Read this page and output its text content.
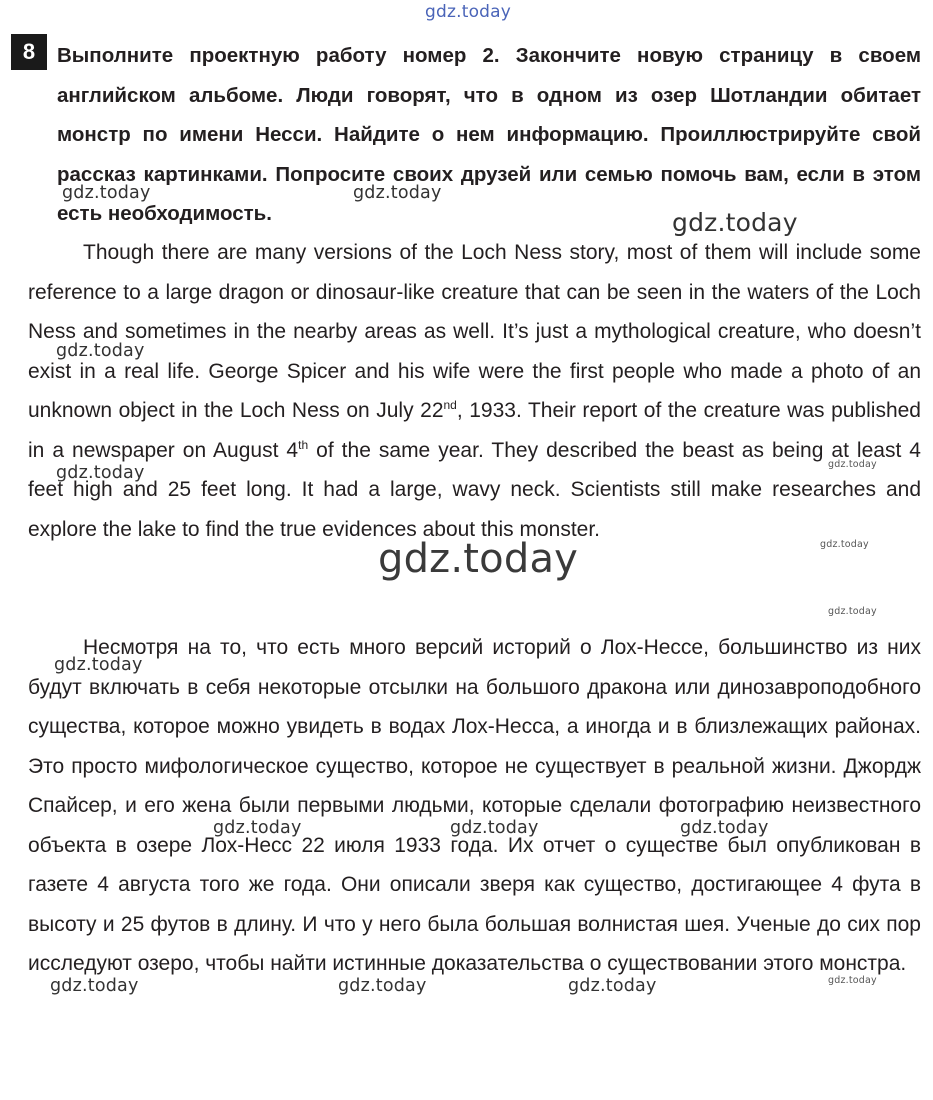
gdz.today
8	Выполните проектную работу номер 2. Закончите новую страницу в своем английском альбоме. Люди говорят, что в одном из озер Шотландии обитает монстр по имени Несси. Найдите о нем информацию. Проиллюстрируйте свой рассказ картинками. Попросите своих друзей или семью помочь вам, если в этом есть необходимость.

Though there are many versions of the Loch Ness story, most of them will include some reference to a large dragon or dinosaur-like creature that can be seen in the waters of the Loch Ness and sometimes in the nearby areas as well. It’s just a mythological creature, who doesn’t exist in a real life. George Spicer and his wife were the first people who made a photo of an unknown object in the Loch Ness on July 22nd, 1933. Their report of the creature was published in a newspaper on August 4th of the same year. They described the beast as being at least 4 feet high and 25 feet long. It had a large, wavy neck. Scientists still make researches and explore the lake to find the true evidences about this monster.

Несмотря на то, что есть много версий историй о Лох-Нессе, большинство из них будут включать в себя некоторые отсылки на большого дракона или динозавроподобного существа, которое можно увидеть в водах Лох-Несса, а иногда и в близлежащих районах. Это просто мифологическое существо, которое не существует в реальной жизни. Джордж Спайсер, и его жена были первыми людьми, которые сделали фотографию неизвестного объекта в озере Лох-Несс 22 июля 1933 года. Их отчет о существе был опубликован в газете 4 августа того же года. Они описали зверя как существо, достигающее 4 фута в высоту и 25 футов в длину. И что у него была большая волнистая шея. Ученые до сих пор исследуют озеро, чтобы найти истинные доказательства о существовании этого монстра.

gdz.today	gdz.today
gdz.today
gdz.today
gdz.today	gdz.today
gdz.today
gdz.today
gdz.today
gdz.today
gdz.today	gdz.today	gdz.today
gdz.today	gdz.today	gdz.today	gdz.today
